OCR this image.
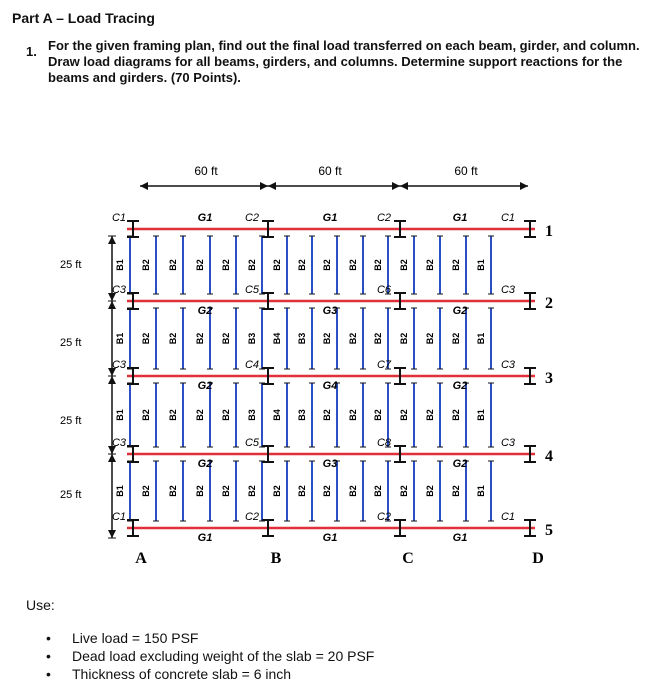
Part A – Load Tracing
1. For the given framing plan, find out the final load transferred on each beam, girder, and column. Draw load diagrams for all beams, girders, and columns. Determine support reactions for the beams and girders. (70 Points).
60 ft	60 ft	60 ft
25 ft
25 ft
25 ft
25 ft
B1 B2 B2 B2 B2 B2 B2 B2 B2 B2 B2 B2 B2 B2 B1
B1 B2 B2 B2 B2 B3 B4 B3 B2 B2 B2 B2 B2 B2 B1
B1 B2 B2 B2 B2 B3 B4 B3 B2 B2 B2 B2 B2 B2 B1
B1 B2 B2 B2 B2 B2 B2 B2 B2 B2 B2 B2 B2 B2 B1
C1	C2	C2	C1
G1	G1	G1
C3	C5	C6	C3
G2	G3	G2
C3	C4	C7	C3
G2	G4	G2
C3	C5	C8	C3
G2	G3	G2
C1	C2	C2	C1
G1	G1	G1
1
2
3
4
5
A	B	C	D
Use:
• Live load = 150 PSF
• Dead load excluding weight of the slab = 20 PSF
• Thickness of concrete slab = 6 inch
